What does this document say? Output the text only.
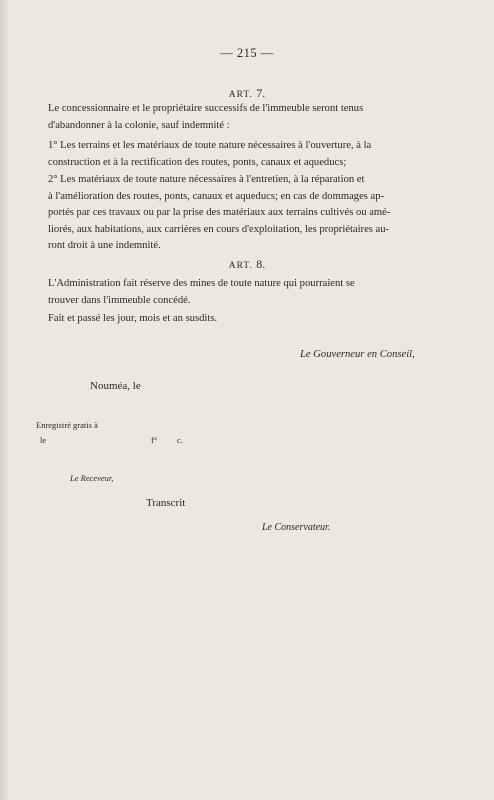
— 215 —
ART. 7.
Le concessionnaire et le propriétaire successifs de l'immeuble seront tenus
d'abandonner à la colonie, sauf indemnité :
1° Les terrains et les matériaux de toute nature nécessaires à l'ouverture, à la
construction et à la rectification des routes, ponts, canaux et aqueducs;
2° Les matériaux de toute nature nécessaires à l'entretien, à la réparation et
à l'amélioration des routes, ponts, canaux et aqueducs; en cas de dommages ap-
portés par ces travaux ou par la prise des matériaux aux terrains cultivés ou amé-
liorés, aux habitations, aux carrières en cours d'exploitation, les propriétaires au-
ront droit à une indemnité.
ART. 8.
L'Administration fait réserve des mines de toute nature qui pourraient se
trouver dans l'immeuble concédé.
Fait et passé les jour, mois et an susdits.
Le Gouverneur en Conseil,
Nouméa, le
Enregistré gratis à
le	f° c.
Le Receveur,
Transcrit
Le Conservateur.
